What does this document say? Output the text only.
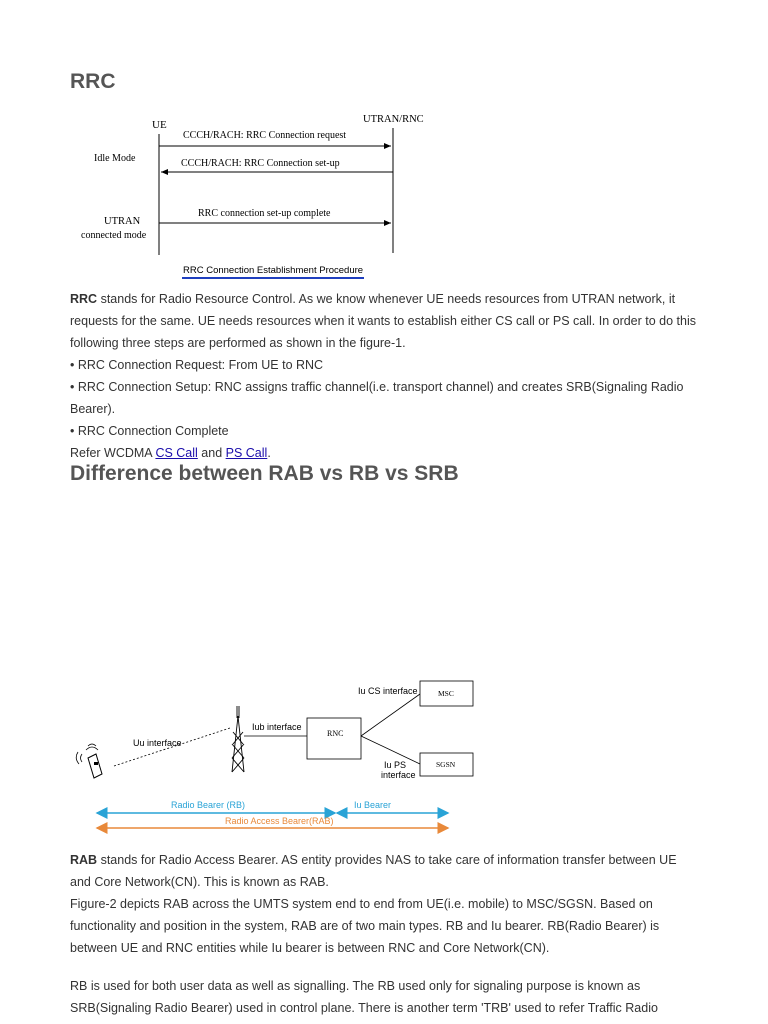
RRC
UE	UTRAN/RNC
Idle Mode
CCCH/RACH: RRC Connection request
CCCH/RACH: RRC Connection set-up
RRC connection set-up complete
UTRAN
connected mode
RRC Connection Establishment Procedure

RRC stands for Radio Resource Control. As we know whenever UE needs resources from UTRAN network, it requests for the same. UE needs resources when it wants to establish either CS call or PS call. In order to do this following three steps are performed as shown in the figure-1.

• RRC Connection Request: From UE to RNC

• RRC Connection Setup: RNC assigns traffic channel(i.e. transport channel) and creates SRB(Signaling Radio Bearer).

• RRC Connection Complete

Refer WCDMA CS Call and PS Call.

Difference between RAB vs RB vs SRB
Uu interface
Iub interface
RNC
Iu CS interface
Iu PS
interface
MSC
SGSN
Radio Bearer (RB)	Iu Bearer
Radio Access Bearer(RAB)

RAB stands for Radio Access Bearer. AS entity provides NAS to take care of information transfer between UE and Core Network(CN). This is known as RAB.

Figure-2 depicts RAB across the UMTS system end to end from UE(i.e. mobile) to MSC/SGSN. Based on functionality and position in the system, RAB are of two main types. RB and Iu bearer. RB(Radio Bearer) is between UE and RNC entities while Iu bearer is between RNC and Core Network(CN).

RB is used for both user data as well as signalling. The RB used only for signaling purpose is known as SRB(Signaling Radio Bearer) used in control plane. There is another term 'TRB' used to refer Traffic Radio
